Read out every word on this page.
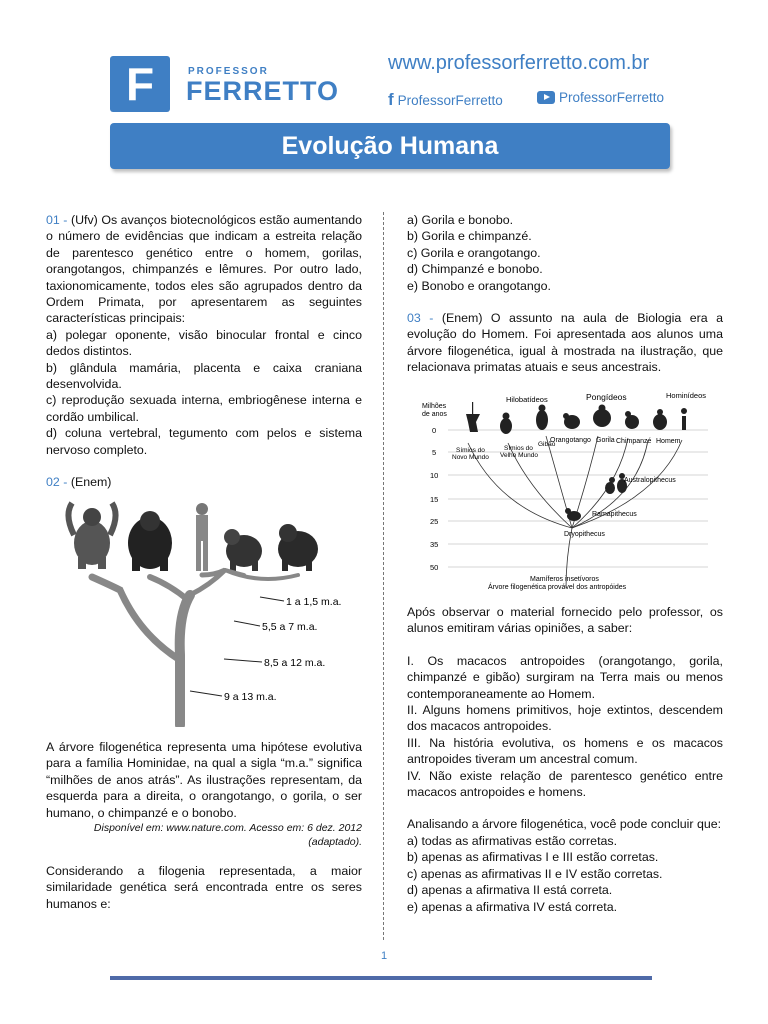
F	PROFESSOR
FERRETTO
www.professorferretto.com.br
f ProfessorFerretto	ProfessorFerretto
Evolução Humana

01 - (Ufv) Os avanços biotecnológicos estão aumentando o número de evidências que indicam a estreita relação de parentesco genético entre o homem, gorilas, orangotangos, chimpanzés e lêmures. Por outro lado, taxionomicamente, todos eles são agrupados dentro da Ordem Primata, por apresentarem as seguintes características principais:

a) polegar oponente, visão binocular frontal e cinco dedos distintos.

b) glândula mamária, placenta e caixa craniana desenvolvida.

c) reprodução sexuada interna, embriogênese interna e cordão umbilical.

d) coluna vertebral, tegumento com pelos e sistema nervoso completo.

02 - (Enem)

1 a 1,5 m.a.
5,5 a 7 m.a.
8,5 a 12 m.a.
9 a 13 m.a.

A árvore filogenética representa uma hipótese evolutiva para a família Hominidae, na qual a sigla “m.a.” significa “milhões de anos atrás”. As ilustrações representam, da esquerda para a direita, o orangotango, o gorila, o ser humano, o chimpanzé e o bonobo.

Disponível em: www.nature.com. Acesso em: 6 dez. 2012

(adaptado).

Considerando a filogenia representada, a maior similaridade genética será encontrada entre os seres humanos e:

a) Gorila e bonobo.

b) Gorila e chimpanzé.

c) Gorila e orangotango.

d) Chimpanzé e bonobo.

e) Bonobo e orangotango.

03 - (Enem) O assunto na aula de Biologia era a evolução do Homem. Foi apresentada aos alunos uma árvore filogenética, igual à mostrada na ilustração, que relacionava primatas atuais e seus ancestrais.

Milhões
de anos
0
5
10
15
25
35
50
Hilobatídeos	Pongídeos	Hominídeos
Símios do
Novo Mundo
Símios do
Velho Mundo
Gibão
Orangotango Gorila Chimpanzé Homem
Australopithecus
Ramapithecus
Dryopithecus
Mamíferos insetívoros
Árvore filogenética provável dos antropóides

Após observar o material fornecido pelo professor, os alunos emitiram várias opiniões, a saber:

I. Os macacos antropoides (orangotango, gorila, chimpanzé e gibão) surgiram na Terra mais ou menos contemporaneamente ao Homem.

II. Alguns homens primitivos, hoje extintos, descendem dos macacos antropoides.

III. Na história evolutiva, os homens e os macacos antropoides tiveram um ancestral comum.

IV. Não existe relação de parentesco genético entre macacos antropoides e homens.

Analisando a árvore filogenética, você pode concluir que:

a) todas as afirmativas estão corretas.

b) apenas as afirmativas I e III estão corretas.

c) apenas as afirmativas II e IV estão corretas.

d) apenas a afirmativa II está correta.

e) apenas a afirmativa IV está correta.

1
